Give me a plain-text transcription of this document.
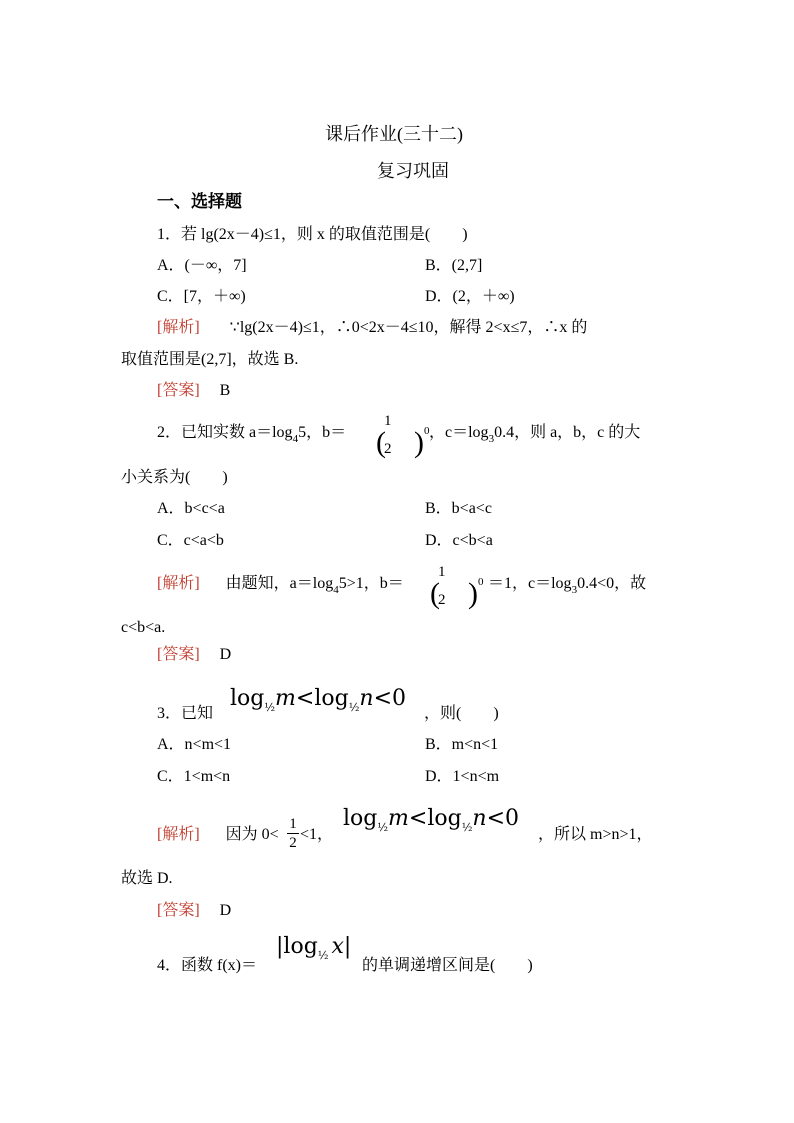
课后作业(三十二)
复习巩固
一、选择题
1．若 lg(2x－4)≤1，则 x 的取值范围是(　　)
A．(－∞，7]	B．(2,7]
C．[7，＋∞)	D．(2，＋∞)
[解析] ∵lg(2x－4)≤1，∴0<2x－4≤10，解得 2<x≤7，∴x 的
取值范围是(2,7]，故选 B.
[答案] B
2．已知实数 $a=\log_45$，b＝
1
(
2 ) 0 ，$c=\log_30.4$，则 a，b，c 的大
小关系为(　　)
A．b<c<a	B．b<a<c
C．c<a<b	D．c<b<a
[解析] 由题知，$a=\log_45>1$，b＝
1
(
2 ) 0 ＝1，$c=\log_30.4<0$，故
c<b<a.
[答案] D
3．已知
$\log_{\frac{1}{2}}m<\log_{\frac{1}{2}}n<0$
，则(　　)
A．n<m<1	B．m<n<1
C．1<m<n	D．1<n<m
[解析] 因为 0<
1
2 <1，
$\log_{\frac{1}{2}}m<\log_{\frac{1}{2}}n<0$
，所以 m>n>1，
故选 D.
[答案] D
4．函数 f(x)＝
$|\log_{\frac{1}{2}}$ x|
的单调递增区间是(　　)
